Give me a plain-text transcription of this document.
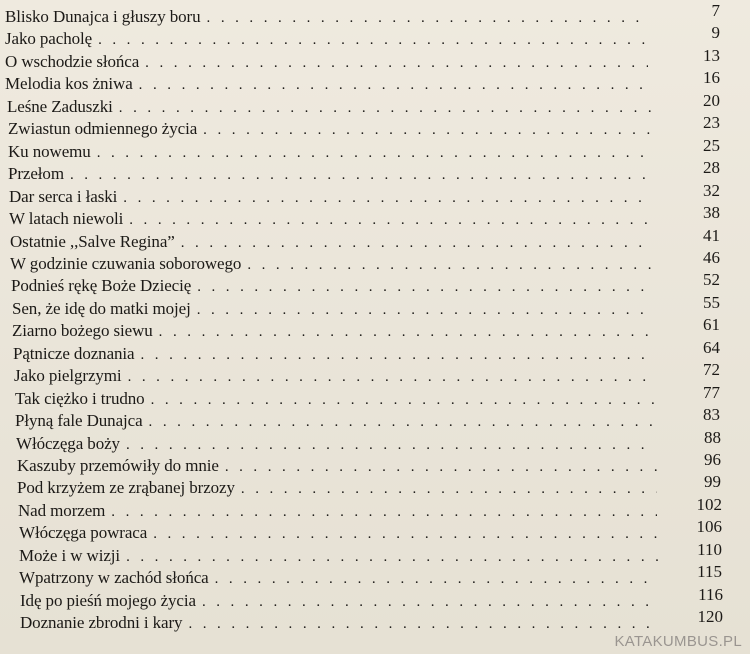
Blisko Dunajca i głuszy boru . . .	7
Jako pacholę . . .	9
O wschodzie słońca . . .	13
Melodia kos żniwa . . .	16
Leśne Zaduszki . . .	20
Zwiastun odmiennego życia . . .	23
Ku nowemu . . .	25
Przełom . . .	28
Dar serca i łaski . . .	32
W latach niewoli . . .	38
Ostatnie ,,Salve Regina” . . .	41
W godzinie czuwania soborowego . . .	46
Podnieś rękę Boże Dziecię . . .	52
Sen, że idę do matki mojej . . .	55
Ziarno bożego siewu . . .	61
Pątnicze doznania . . .	64
Jako pielgrzymi . . .	72
Tak ciężko i trudno . . .	77
Płyną fale Dunajca . . .	83
Włóczęga boży . . .	88
Kaszuby przemówiły do mnie . . .	96
Pod krzyżem ze zrąbanej brzozy . . .	99
Nad morzem . . .	102
Włóczęga powraca . . .	106
Może i w wizji . . .	110
Wpatrzony w zachód słońca . . .	115
Idę po pieśń mojego życia . . .	116
Doznanie zbrodni i kary . . .	120
KATAKUMBUS.PL
